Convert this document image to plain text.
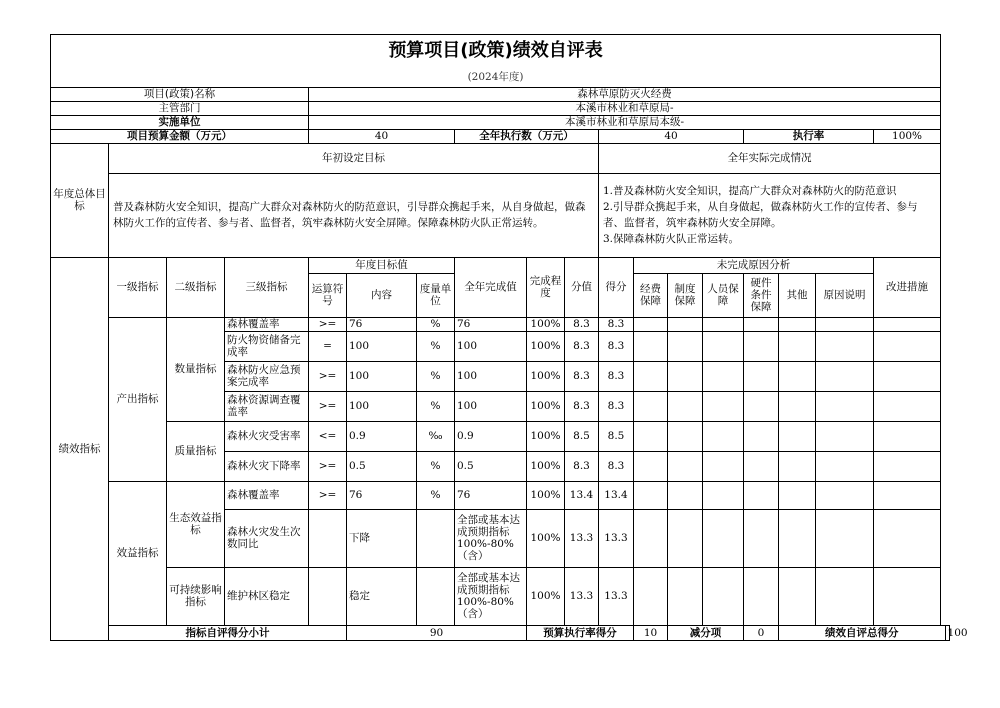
预算项目(政策)绩效自评表																		
(2024年度)																		
项目(政策)名称				森林草原防灭火经费														
主管部门				本溪市林业和草原局-														
实施单位				本溪市林业和草原局本级-														
项目预算金额（万元）				40			全年执行数（万元）			40				执行率			100%	
年度总体目标	年初设定目标									全年实际完成情况								
	普及森林防火安全知识，提高广大群众对森林防火的防范意识，引导群众携起手来，从自身做起，做森林防火工作的宣传者、参与者、监督者，筑牢森林防火安全屏障。保障森林防火队正常运转。									1.普及森林防火安全知识，提高广大群众对森林防火的防范意识
2.引导群众携起手来，从自身做起，做森林防火工作的宣传者、参与者、监督者，筑牢森林防火安全屏障。
3.保障森林防火队正常运转。								

绩效指标	一级指标	二级指标	三级指标	年度目标值			全年完成值	完成程度	分值	得分	未完成原因分析						改进措施	
				运算符号	内容	度量单位					经费保障	制度保障	人员保障	硬件条件保障	其他	原因说明		

	产出指标	数量指标	森林覆盖率	>=	76	%	76	100%	8.3	8.3								
			防火物资储备完成率	=	100	%	100	100%	8.3	8.3								
			森林防火应急预案完成率	>=	100	%	100	100%	8.3	8.3								
			森林资源调查覆盖率	>=	100	%	100	100%	8.3	8.3								
		质量指标	森林火灾受害率	<=	0.9	‰	0.9	100%	8.5	8.5								
			森林火灾下降率	>=	0.5	%	0.5	100%	8.3	8.3								
	效益指标	生态效益指标	森林覆盖率	>=	76	%	76	100%	13.4	13.4								
			森林火灾发生次数同比		下降		全部或基本达成预期指标100%-80%（含）	100%	13.3	13.3								
		可持续影响指标	维护林区稳定		稳定		全部或基本达成预期指标100%-80%（含）	100%	13.3	13.3								
	指标自评得分小计				90			预算执行率得分			10	减分项		0	绩效自评总得分			100
